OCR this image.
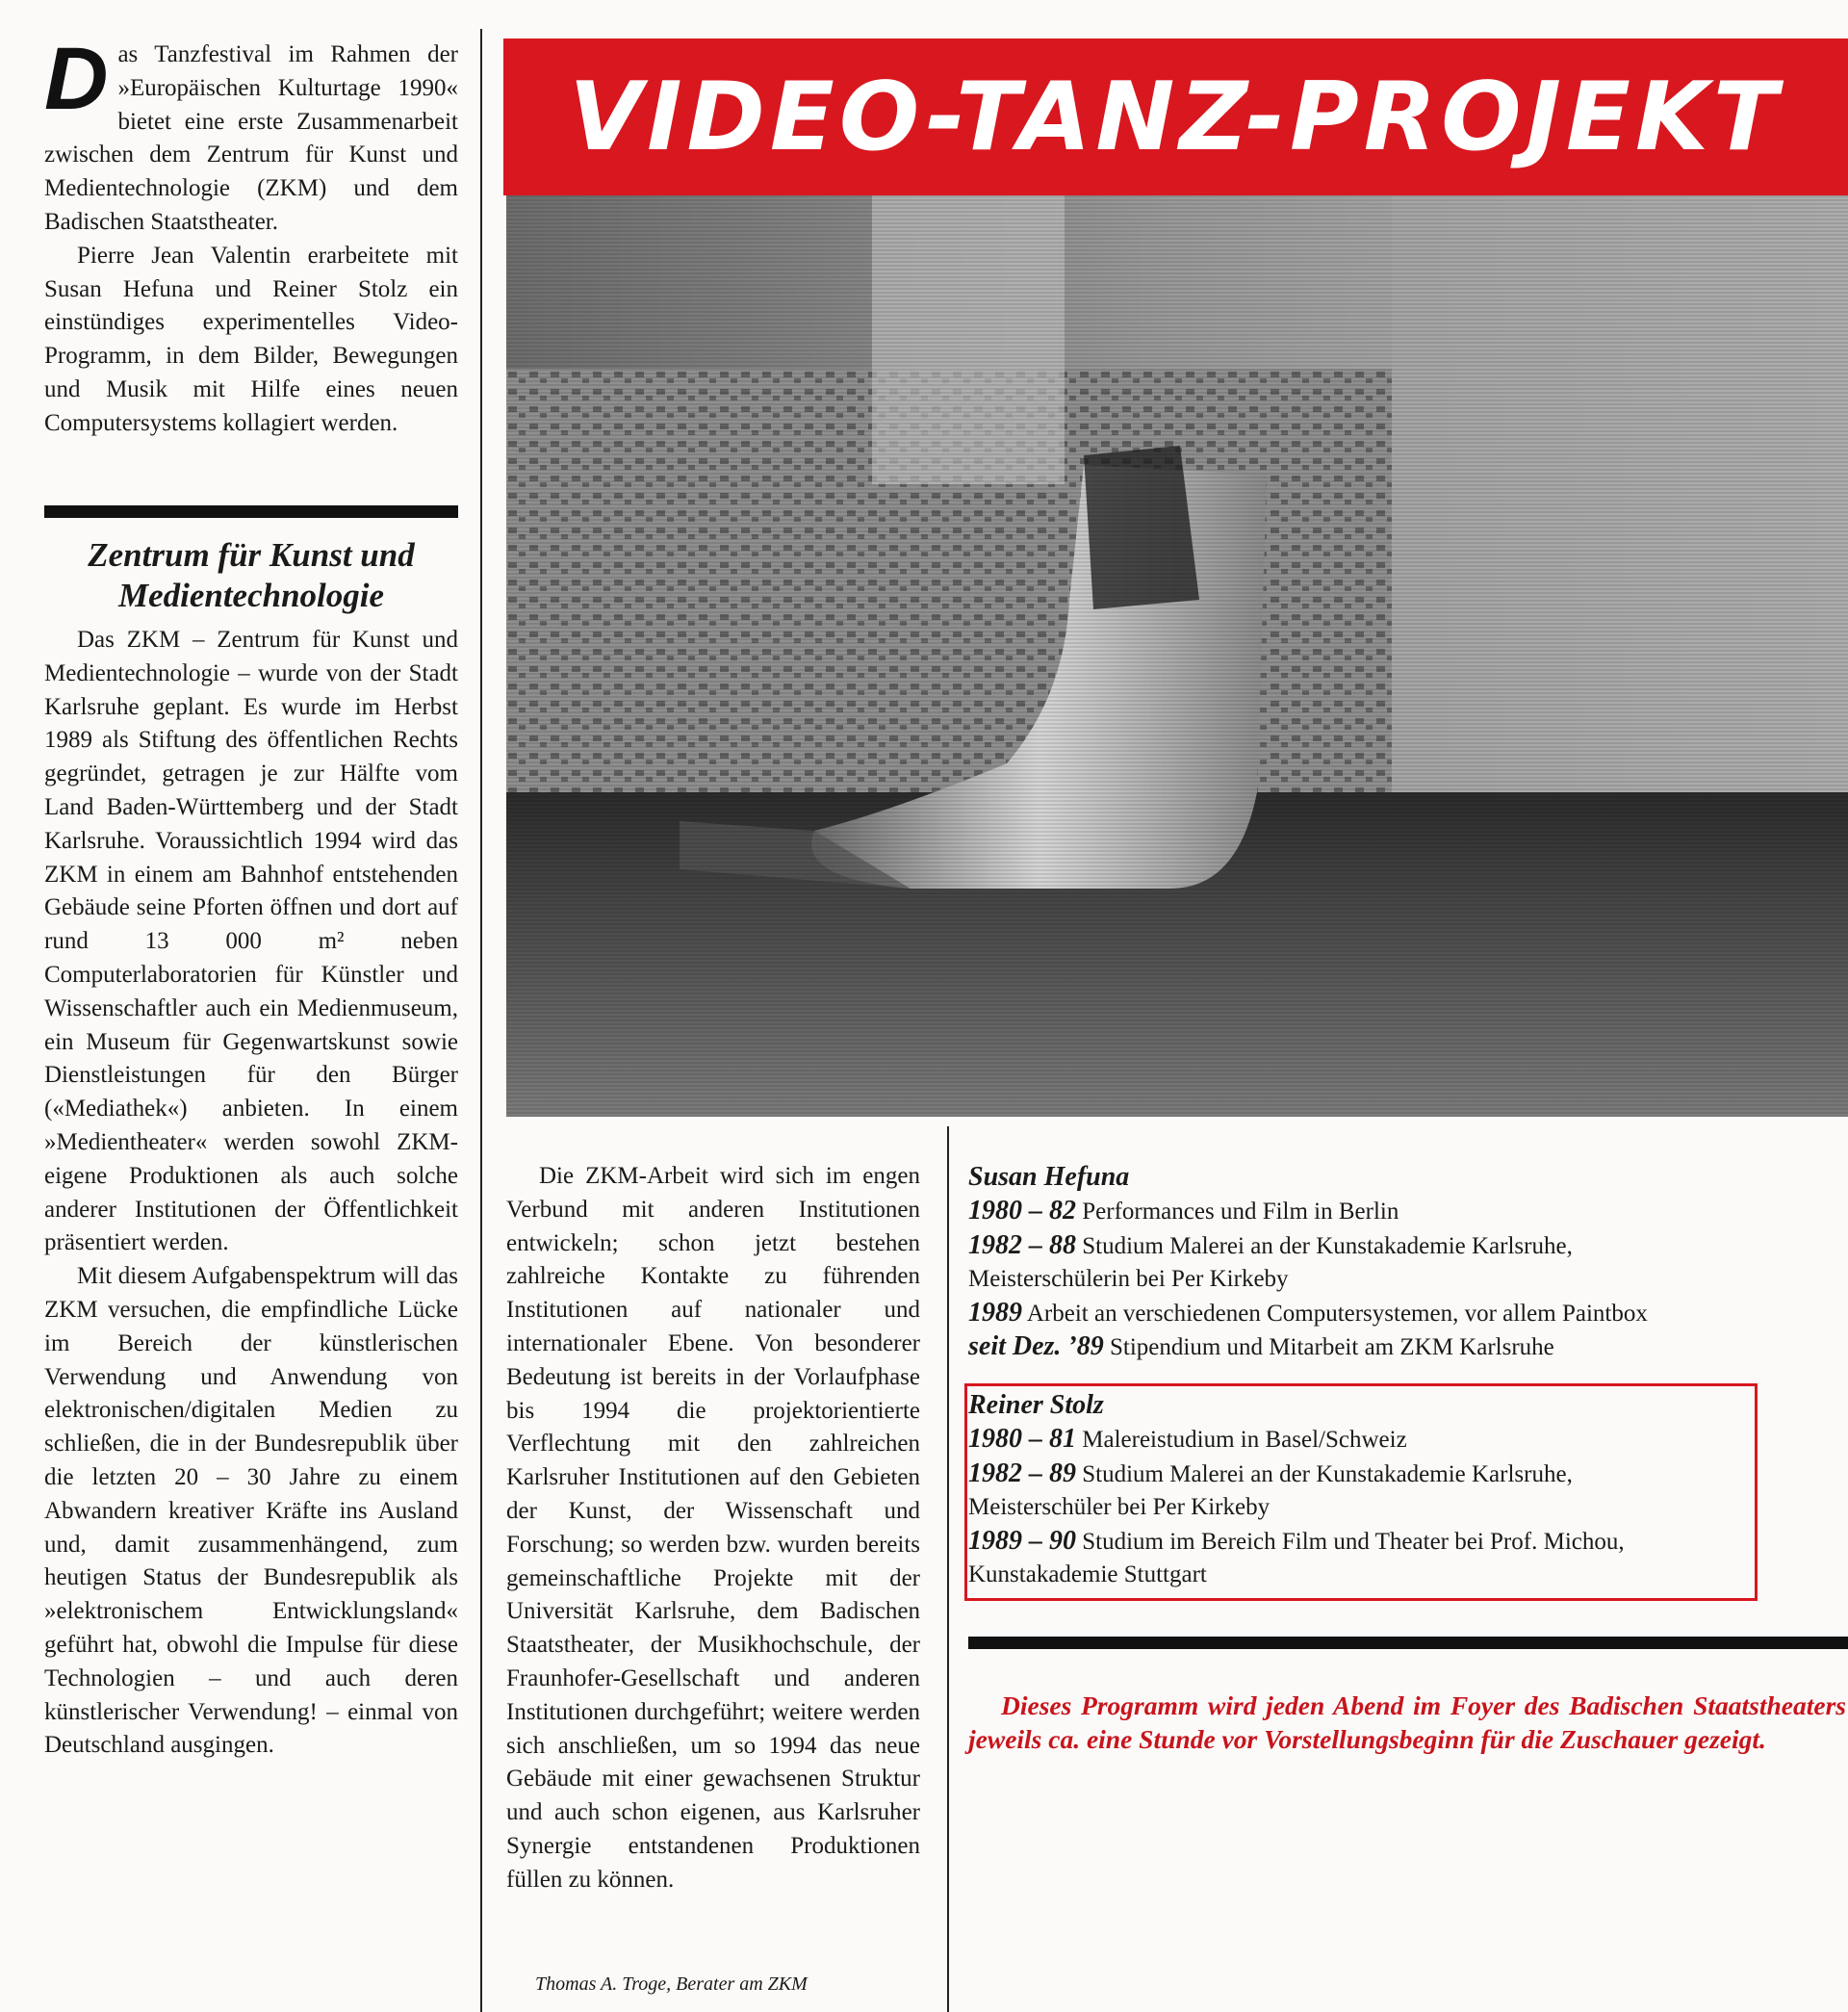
Das Tanzfestival im Rahmen der »Europäischen Kulturtage 1990« bietet eine erste Zusammenarbeit zwischen dem Zentrum für Kunst und Medientechnologie (ZKM) und dem Badischen Staatstheater.

Pierre Jean Valentin erarbeitete mit Susan Hefuna und Reiner Stolz ein einstündiges experimentelles Video-Programm, in dem Bilder, Bewegungen und Musik mit Hilfe eines neuen Computersystems kollagiert werden.

Zentrum für Kunst und Medientechnologie

Das ZKM – Zentrum für Kunst und Medientechnologie – wurde von der Stadt Karlsruhe geplant. Es wurde im Herbst 1989 als Stiftung des öffentlichen Rechts gegründet, getragen je zur Hälfte vom Land Baden-Württemberg und der Stadt Karlsruhe. Voraussichtlich 1994 wird das ZKM in einem am Bahnhof entstehenden Gebäude seine Pforten öffnen und dort auf rund 13 000 m² neben Computerlaboratorien für Künstler und Wissenschaftler auch ein Medienmuseum, ein Museum für Gegenwartskunst sowie Dienstleistungen für den Bürger («Mediathek«) anbieten. In einem »Medientheater« werden sowohl ZKM-eigene Produktionen als auch solche anderer Institutionen der Öffentlichkeit präsentiert werden.

Mit diesem Aufgabenspektrum will das ZKM versuchen, die empfindliche Lücke im Bereich der künstlerischen Verwendung und Anwendung von elektronischen/digitalen Medien zu schließen, die in der Bundesrepublik über die letzten 20 – 30 Jahre zu einem Abwandern kreativer Kräfte ins Ausland und, damit zusammenhängend, zum heutigen Status der Bundesrepublik als »elektronischem Entwicklungsland« geführt hat, obwohl die Impulse für diese Technologien – und auch deren künstlerischer Verwendung! – einmal von Deutschland ausgingen.

VIDEO-TANZ-PROJEKT

Die ZKM-Arbeit wird sich im engen Verbund mit anderen Institutionen entwickeln; schon jetzt bestehen zahlreiche Kontakte zu führenden Institutionen auf nationaler und internationaler Ebene. Von besonderer Bedeutung ist bereits in der Vorlaufphase bis 1994 die projektorientierte Verflechtung mit den zahlreichen Karlsruher Institutionen auf den Gebieten der Kunst, der Wissenschaft und Forschung; so werden bzw. wurden bereits gemeinschaftliche Projekte mit der Universität Karlsruhe, dem Badischen Staatstheater, der Musikhochschule, der Fraunhofer-Gesellschaft und anderen Institutionen durchgeführt; weitere werden sich anschließen, um so 1994 das neue Gebäude mit einer gewachsenen Struktur und auch schon eigenen, aus Karlsruher Synergie entstandenen Produktionen füllen zu können.

Thomas A. Troge, Berater am ZKM

Susan Hefuna

1980 – 82 Performances und Film in Berlin

1982 – 88 Studium Malerei an der Kunstakademie Karlsruhe,

Meisterschülerin bei Per Kirkeby

1989 Arbeit an verschiedenen Computersystemen, vor allem Paintbox

seit Dez. ’89 Stipendium und Mitarbeit am ZKM Karlsruhe

Reiner Stolz

1980 – 81 Malereistudium in Basel/Schweiz

1982 – 89 Studium Malerei an der Kunstakademie Karlsruhe,

Meisterschüler bei Per Kirkeby

1989 – 90 Studium im Bereich Film und Theater bei Prof. Michou,

Kunstakademie Stuttgart

Dieses Programm wird jeden Abend im Foyer des Badischen Staatstheaters jeweils ca. eine Stunde vor Vorstellungsbeginn für die Zuschauer gezeigt.
